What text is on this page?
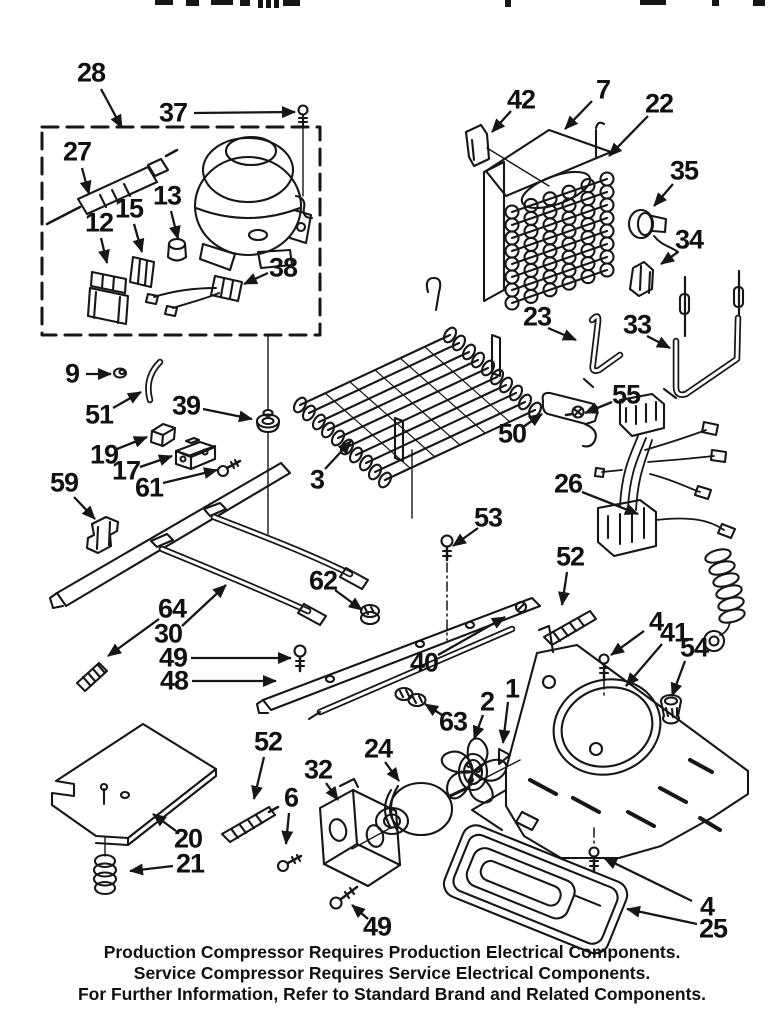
28
37
27
12 15 13
38
42 7 22
35
34
33
23
9
51 39
19
17
61
59	3
50
55
26
53
62
64
30
49
48
40
52
6
20
21
24
32
63
2 1
49
4
41
54
52
4
25
Production Compressor Requires Production Electrical Components.
Service Compressor Requires Service Electrical Components.
For Further Information, Refer to Standard Brand and Related Components.
